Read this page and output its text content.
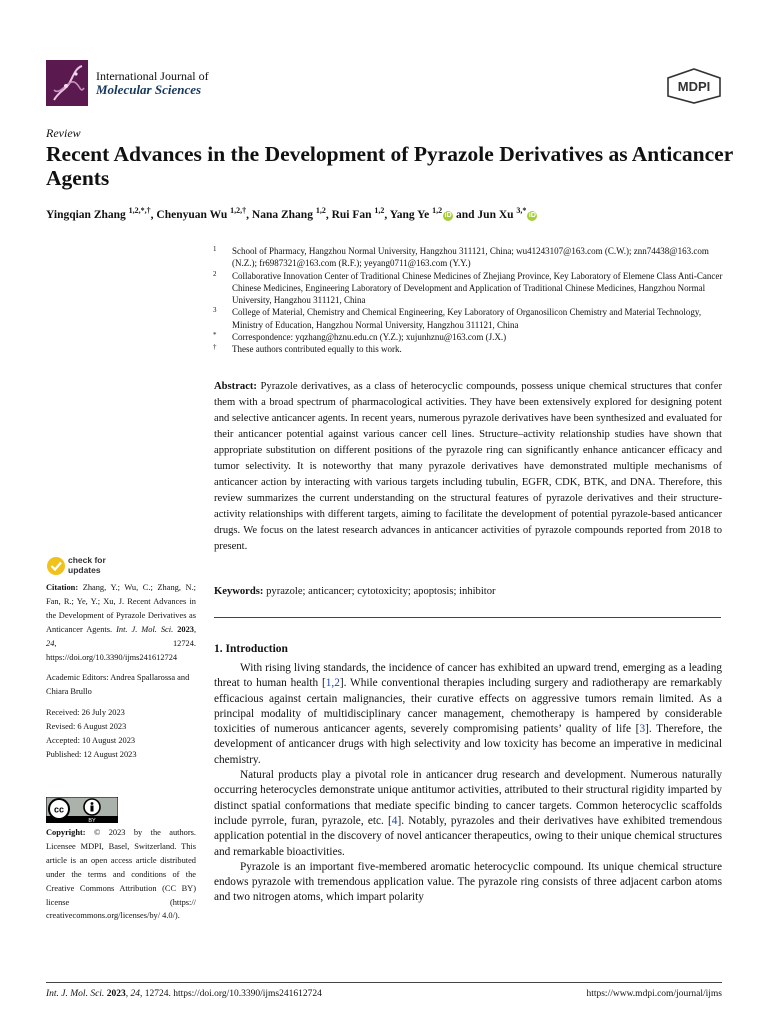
International Journal of
Molecular Sciences	MDPI
Review
Recent Advances in the Development of Pyrazole Derivatives as Anticancer Agents
Yingqian Zhang $^{1,2,*,\dagger}$, Chenyuan Wu $^{1,2,\dagger}$, Nana Zhang $^{1,2}$, Rui Fan $^{1,2}$, Yang Ye $^{1,2}$iD and Jun Xu $^{3,*}$iD
1 School of Pharmacy, Hangzhou Normal University, Hangzhou 311121, China; wu41243107@163.com (C.W.); znn74438@163.com (N.Z.); fr6987321@163.com (R.F.); yeyang0711@163.com (Y.Y.)
2 Collaborative Innovation Center of Traditional Chinese Medicines of Zhejiang Province, Key Laboratory of Elemene Class Anti-Cancer Chinese Medicines, Engineering Laboratory of Development and Application of Traditional Chinese Medicines, Hangzhou Normal University, Hangzhou 311121, China
3 College of Material, Chemistry and Chemical Engineering, Key Laboratory of Organosilicon Chemistry and Material Technology, Ministry of Education, Hangzhou Normal University, Hangzhou 311121, China
* Correspondence: yqzhang@hznu.edu.cn (Y.Z.); xujunhznu@163.com (J.X.)
† These authors contributed equally to this work.
Abstract: Pyrazole derivatives, as a class of heterocyclic compounds, possess unique chemical structures that confer them with a broad spectrum of pharmacological activities. They have been extensively explored for designing potent and selective anticancer agents. In recent years, numerous pyrazole derivatives have been synthesized and evaluated for their anticancer potential against various cancer cell lines. Structure–activity relationship studies have shown that appropriate substitution on different positions of the pyrazole ring can significantly enhance anticancer efficacy and tumor selectivity. It is noteworthy that many pyrazole derivatives have demonstrated multiple mechanisms of anticancer action by interacting with various targets including tubulin, EGFR, CDK, BTK, and DNA. Therefore, this review summarizes the current understanding on the structural features of pyrazole derivatives and their structure-activity relationships with different targets, aiming to facilitate the development of potential pyrazole-based anticancer drugs. We focus on the latest research advances in anticancer activities of pyrazole compounds reported from 2018 to present.
Keywords: pyrazole; anticancer; cytotoxicity; apoptosis; inhibitor
1. Introduction

With rising living standards, the incidence of cancer has exhibited an upward trend, emerging as a leading threat to human health [1,2]. While conventional therapies including surgery and radiotherapy are remarkably efficacious against certain malignancies, their curative effects on aggressive tumors remain limited. As a principal modality of multidisciplinary cancer management, chemotherapy is hampered by considerable toxicities of numerous anticancer agents, severely compromising patients’ quality of life [3]. Therefore, the development of anticancer drugs with high selectivity and low toxicity has become an imperative in medicinal chemistry.

Natural products play a pivotal role in anticancer drug research and development. Numerous naturally occurring heterocycles demonstrate unique antitumor activities, attributed to their structural rigidity imparted by distinct spatial conformations that mediate specific binding to cancer targets. Common heterocyclic scaffolds include pyrrole, furan, pyrazole, etc. [4]. Notably, pyrazoles and their derivatives have exhibited tremendous application potential in the discovery of novel anticancer therapeutics, owing to their unique chemical structures and remarkable bioactivities.

Pyrazole is an important five-membered aromatic heterocyclic compound. Its unique chemical structure endows pyrazole with tremendous application value. The pyrazole ring consists of three adjacent carbon atoms and two nitrogen atoms, which impart polarity

check for
updates

Citation: Zhang, Y.; Wu, C.; Zhang, N.; Fan, R.; Ye, Y.; Xu, J. Recent Advances in the Development of Pyrazole Derivatives as Anticancer Agents. Int. J. Mol. Sci. 2023, 24, 12724. https://doi.org/10.3390/ijms241612724

Academic Editors: Andrea Spallarossa and Chiara Brullo

Received: 26 July 2023

Revised: 6 August 2023

Accepted: 10 August 2023

Published: 12 August 2023

cc
BY
Copyright: © 2023 by the authors. Licensee MDPI, Basel, Switzerland. This article is an open access article distributed under the terms and conditions of the Creative Commons Attribution (CC BY) license (https:// creativecommons.org/licenses/by/ 4.0/).
Int. J. Mol. Sci. 2023, 24, 12724. https://doi.org/10.3390/ijms241612724	https://www.mdpi.com/journal/ijms
